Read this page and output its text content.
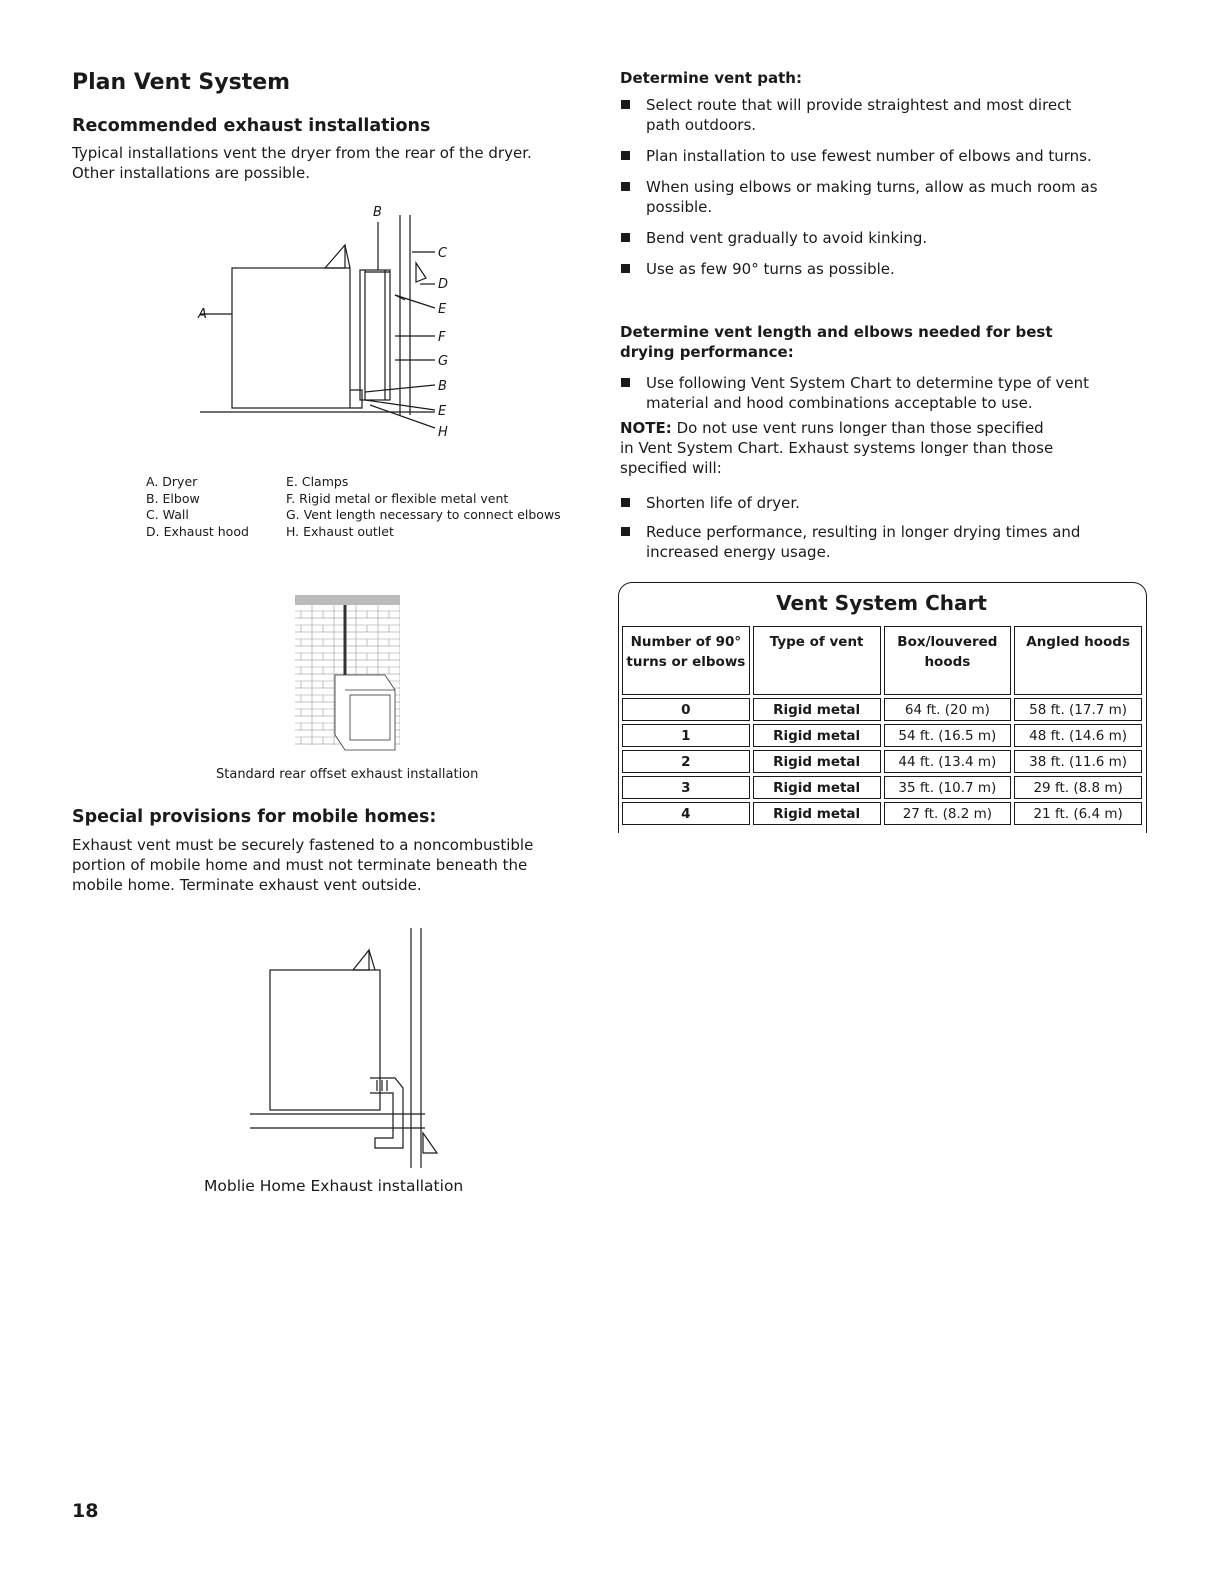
Plan Vent System
Recommended exhaust installations
Typical installations vent the dryer from the rear of the dryer. Other installations are possible.
A
B
C
D
E
F
G
B
E
H
A. Dryer
B. Elbow
C. Wall
D. Exhaust hood
E. Clamps
F. Rigid metal or flexible metal vent
G. Vent length necessary to connect elbows
H. Exhaust outlet
Standard rear offset exhaust installation
Special provisions for mobile homes:
Exhaust vent must be securely fastened to a noncombustible portion of mobile home and must not terminate beneath the mobile home. Terminate exhaust vent outside.
Moblie Home Exhaust installation
Determine vent path:
Select route that will provide straightest and most direct path outdoors.
Plan installation to use fewest number of elbows and turns.
When using elbows or making turns, allow as much room as possible.
Bend vent gradually to avoid kinking.
Use as few 90° turns as possible.
Determine vent length and elbows needed for best drying performance:
Use following Vent System Chart to determine type of vent material and hood combinations acceptable to use.
NOTE: Do not use vent runs longer than those specified in Vent System Chart. Exhaust systems longer than those specified will:
Shorten life of dryer.
Reduce performance, resulting in longer drying times and increased energy usage.
Vent System Chart
Number of 90° turns or elbows	Type of vent	Box/louvered hoods	Angled hoods
0	Rigid metal	64 ft. (20 m)	58 ft. (17.7 m)
1	Rigid metal	54 ft. (16.5 m)	48 ft. (14.6 m)
2	Rigid metal	44 ft. (13.4 m)	38 ft. (11.6 m)
3	Rigid metal	35 ft. (10.7 m)	29 ft. (8.8 m)
4	Rigid metal	27 ft. (8.2 m)	21 ft. (6.4 m)
18
